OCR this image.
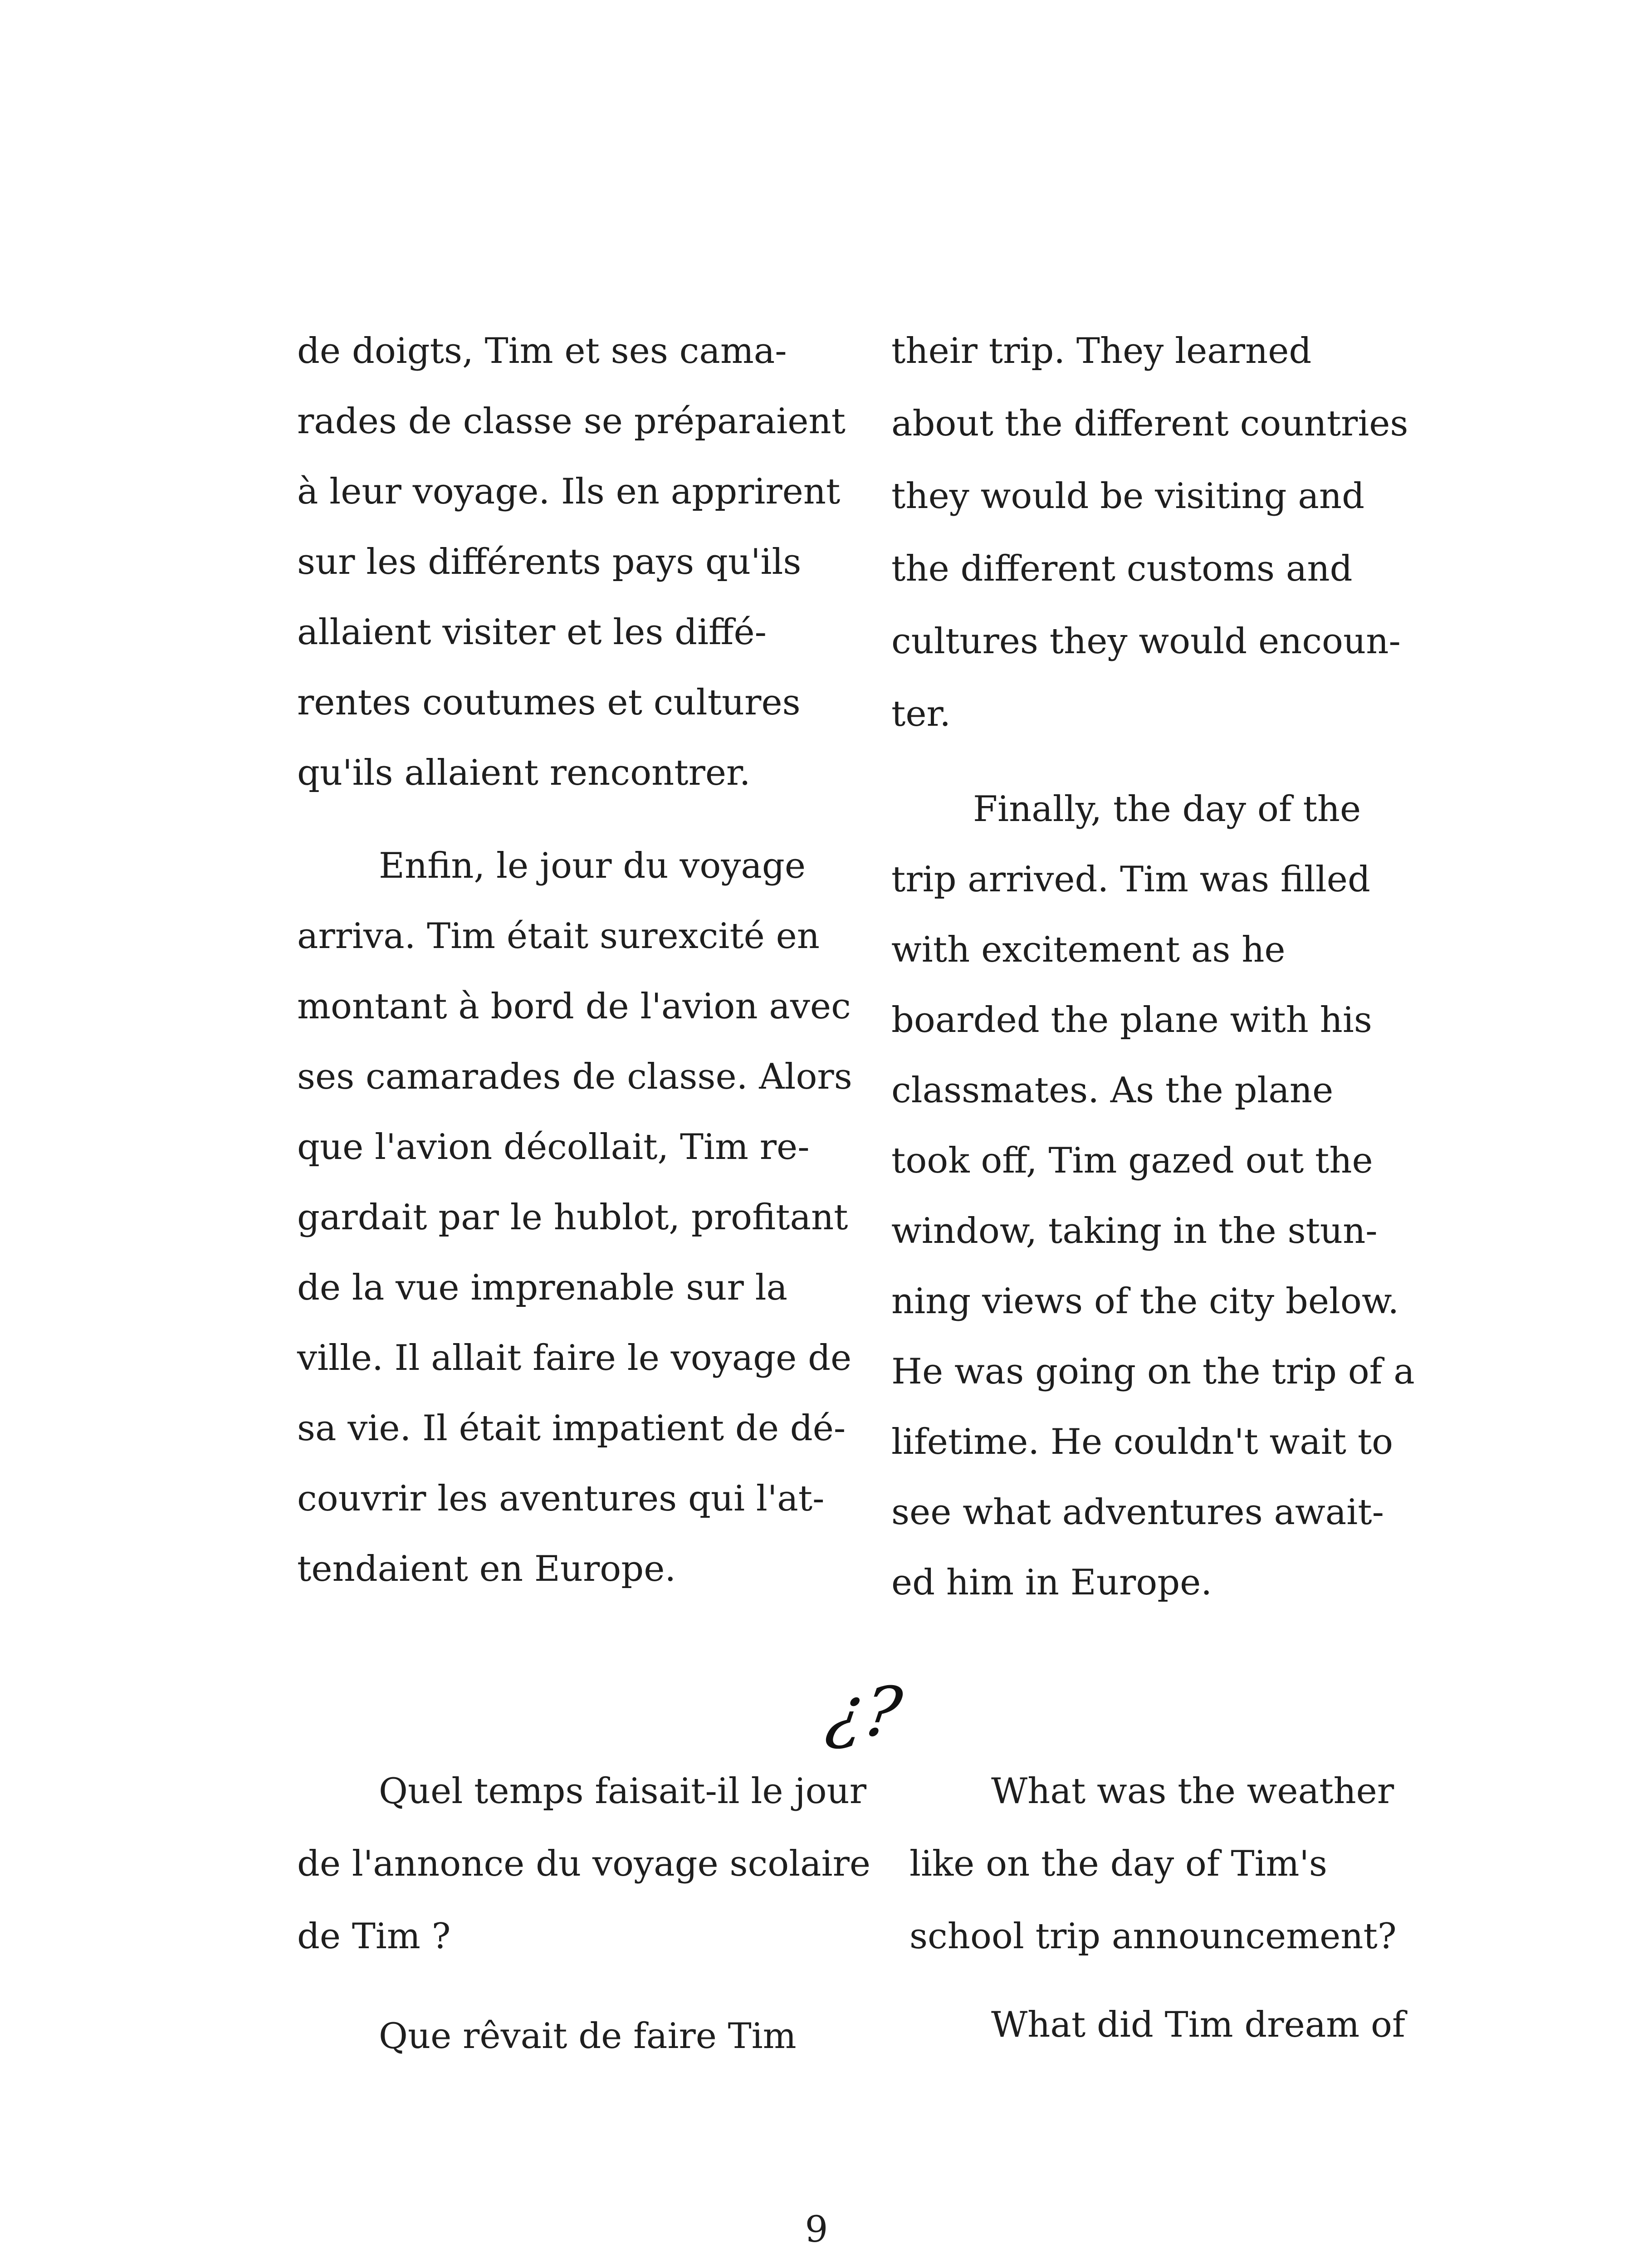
de doigts, Tim et ses cama-
rades de classe se préparaient
à leur voyage. Ils en apprirent
sur les différents pays qu'ils
allaient visiter et les diffé-
rentes coutumes et cultures
qu'ils allaient rencontrer.
Enfin, le jour du voyage
arriva. Tim était surexcité en
montant à bord de l'avion avec
ses camarades de classe. Alors
que l'avion décollait, Tim re-
gardait par le hublot, profitant
de la vue imprenable sur la
ville. Il allait faire le voyage de
sa vie. Il était impatient de dé-
couvrir les aventures qui l'at-
tendaient en Europe.
Quel temps faisait-il le jour
de l'annonce du voyage scolaire
de Tim ?
Que rêvait de faire Tim
their trip. They learned
about the different countries
they would be visiting and
the different customs and
cultures they would encoun-
ter.
Finally, the day of the
trip arrived. Tim was filled
with excitement as he
boarded the plane with his
classmates. As the plane
took off, Tim gazed out the
window, taking in the stun-
ning views of the city below.
He was going on the trip of a
lifetime. He couldn't wait to
see what adventures await-
ed him in Europe.
What was the weather
like on the day of Tim's
school trip announcement?
What did Tim dream of
¿?
9
